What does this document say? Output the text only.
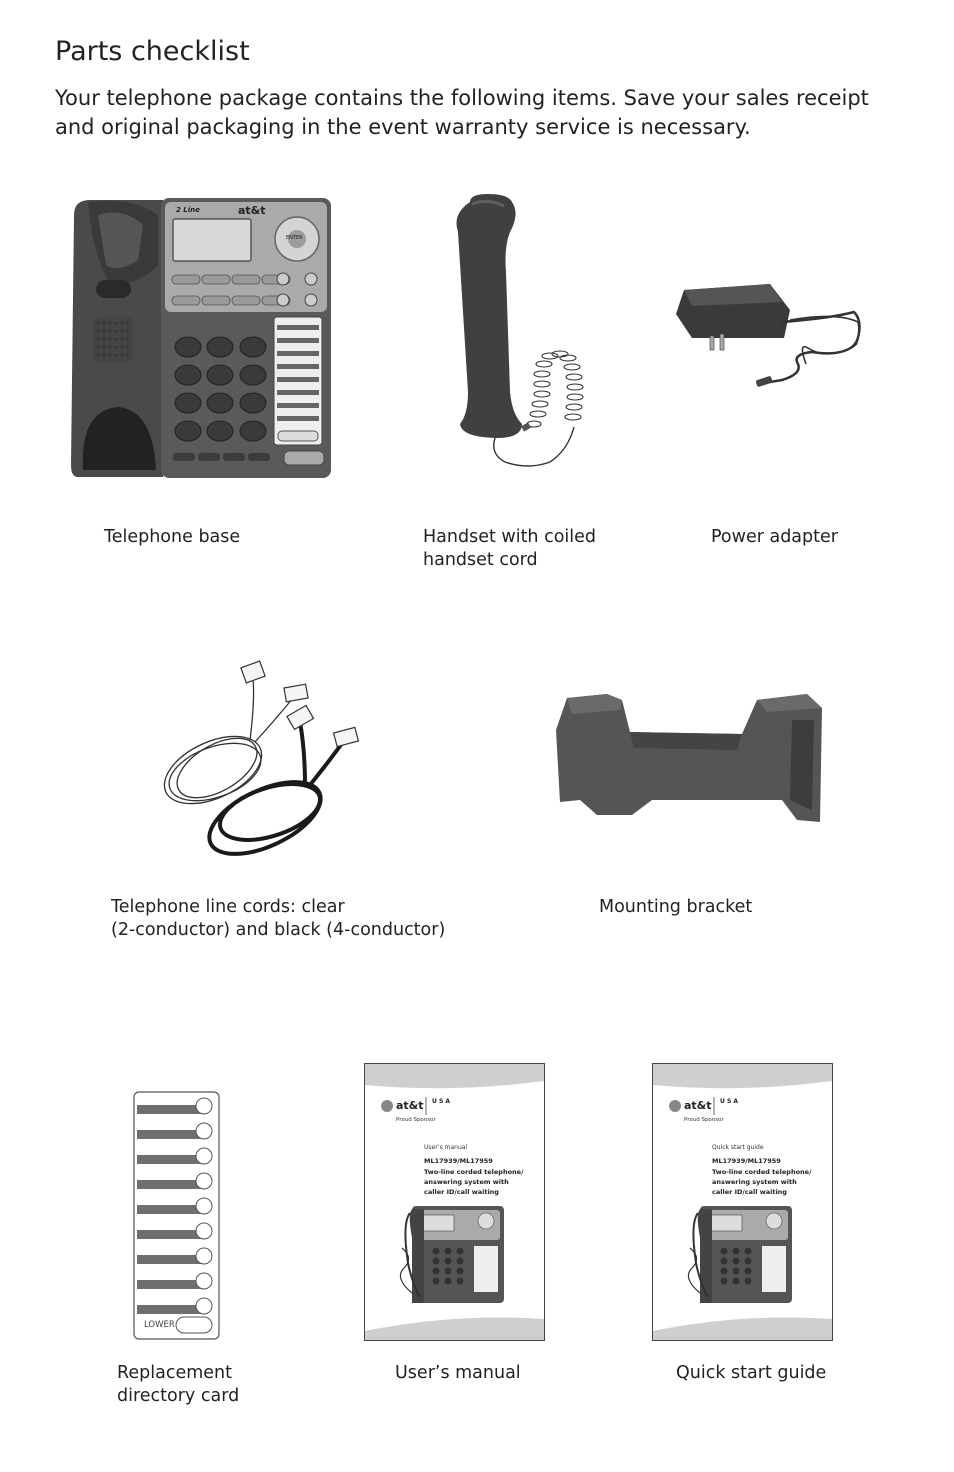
Parts checklist

Your telephone package contains the following items. Save your sales receipt and original packaging in the event warranty service is necessary.

at&t
2 Line
ENTER
LOWER
at&t U S A
Proud Sponsor
User’s manual
ML17939/ML17959
Two-line corded telephone/
answering system with
caller ID/call waiting
at&t U S A
Proud Sponsor
Quick start guide
ML17939/ML17959
Two-line corded telephone/
answering system with
caller ID/call waiting
Telephone base	Handset with coiled
handset cord
Power adapter
Telephone line cords: clear
(2-conductor) and black (4-conductor)
Mounting bracket
Replacement
directory card
User’s manual	Quick start guide
